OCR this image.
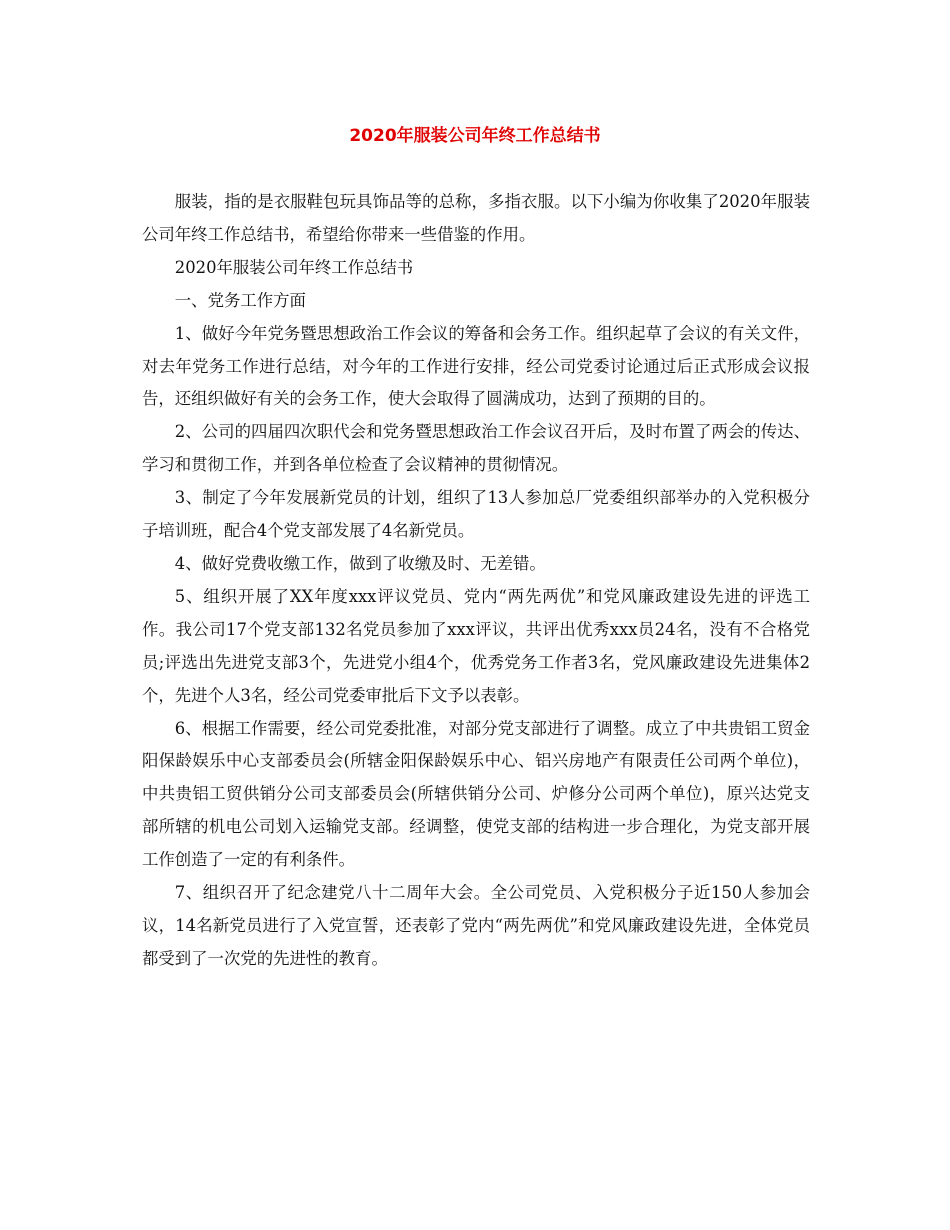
2020年服装公司年终工作总结书

服装，指的是衣服鞋包玩具饰品等的总称，多指衣服。以下小编为你收集了2020年服装公司年终工作总结书，希望给你带来一些借鉴的作用。

2020年服装公司年终工作总结书

一、党务工作方面

1、做好今年党务暨思想政治工作会议的筹备和会务工作。组织起草了会议的有关文件，对去年党务工作进行总结，对今年的工作进行安排，经公司党委讨论通过后正式形成会议报告，还组织做好有关的会务工作，使大会取得了圆满成功，达到了预期的目的。

2、公司的四届四次职代会和党务暨思想政治工作会议召开后，及时布置了两会的传达、学习和贯彻工作，并到各单位检查了会议精神的贯彻情况。

3、制定了今年发展新党员的计划，组织了13人参加总厂党委组织部举办的入党积极分子培训班，配合4个党支部发展了4名新党员。

4、做好党费收缴工作，做到了收缴及时、无差错。

5、组织开展了XX年度xxx评议党员、党内“两先两优”和党风廉政建设先进的评选工作。我公司17个党支部132名党员参加了xxx评议，共评出优秀xxx员24名，没有不合格党员;评选出先进党支部3个，先进党小组4个，优秀党务工作者3名，党风廉政建设先进集体2个，先进个人3名，经公司党委审批后下文予以表彰。

6、根据工作需要，经公司党委批准，对部分党支部进行了调整。成立了中共贵铝工贸金阳保龄娱乐中心支部委员会(所辖金阳保龄娱乐中心、铝兴房地产有限责任公司两个单位)，中共贵铝工贸供销分公司支部委员会(所辖供销分公司、炉修分公司两个单位)，原兴达党支部所辖的机电公司划入运输党支部。经调整，使党支部的结构进一步合理化，为党支部开展工作创造了一定的有利条件。

7、组织召开了纪念建党八十二周年大会。全公司党员、入党积极分子近150人参加会议，14名新党员进行了入党宣誓，还表彰了党内“两先两优”和党风廉政建设先进，全体党员都受到了一次党的先进性的教育。
